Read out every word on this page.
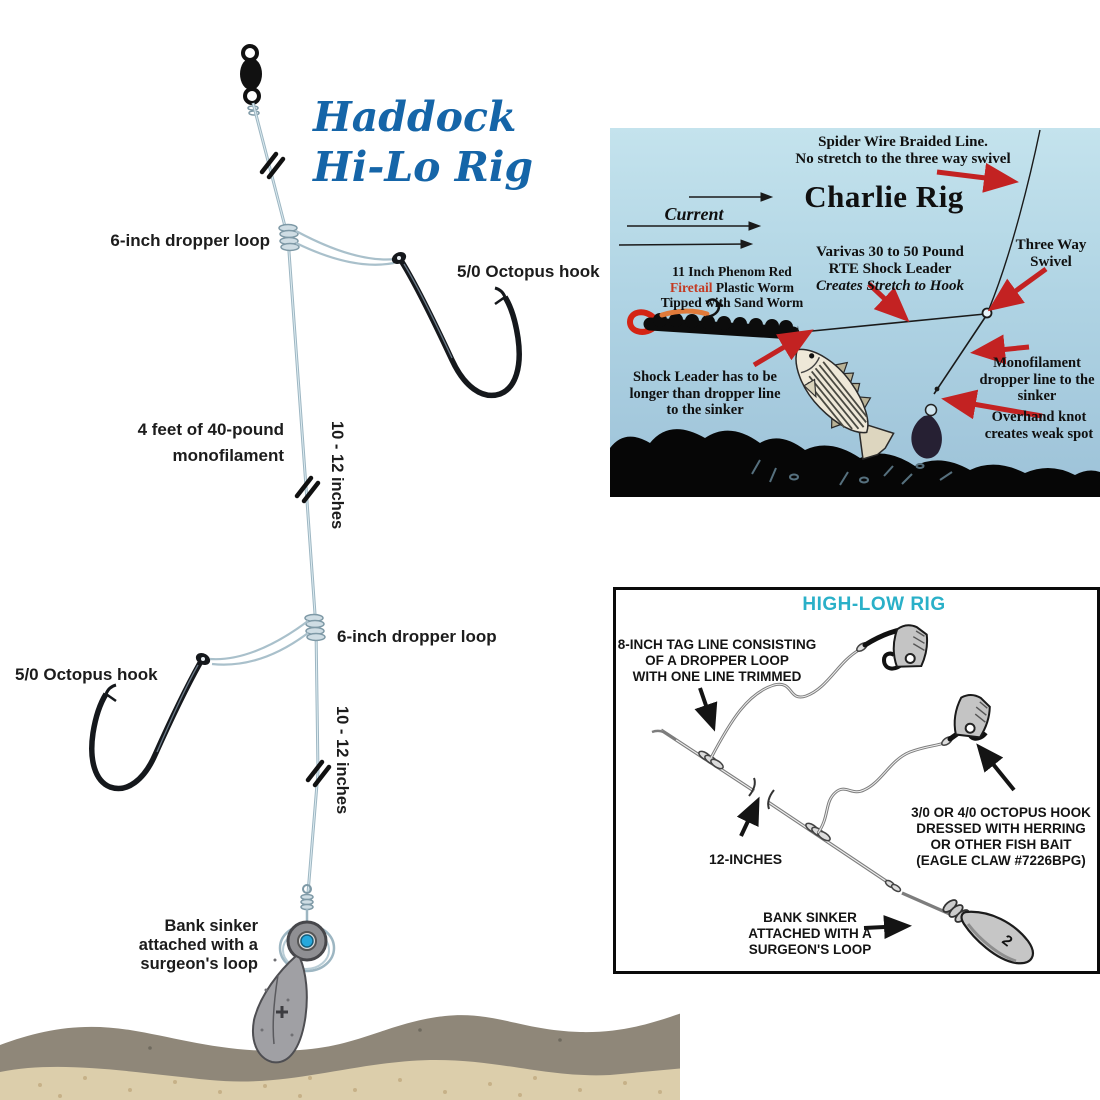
Haddock
Hi-Lo Rig
6-inch dropper loop
5/0 Octopus hook
4 feet of 40-pound
monofilament	10 - 12 inches
6-inch dropper loop
5/0 Octopus hook
10 - 12 inches
Bank sinker
attached with a
surgeon's loop
Spider Wire Braided Line.
No stretch to the three way swivel
Charlie Rig
Current
Varivas 30 to 50 Pound
RTE Shock Leader
Creates Stretch to Hook
Three Way
Swivel
11 Inch Phenom Red
Firetail Plastic Worm
Tipped with Sand Worm
Shock Leader has to be
longer than dropper line
to the sinker
Monofilament
dropper line to the
sinker
Overhand knot
creates weak spot
2
HIGH-LOW RIG
8-INCH TAG LINE CONSISTING
OF A DROPPER LOOP
WITH ONE LINE TRIMMED
12-INCHES
3/0 OR 4/0 OCTOPUS HOOK
DRESSED WITH HERRING
OR OTHER FISH BAIT
(EAGLE CLAW #7226BPG)
BANK SINKER
ATTACHED WITH A
SURGEON'S LOOP
